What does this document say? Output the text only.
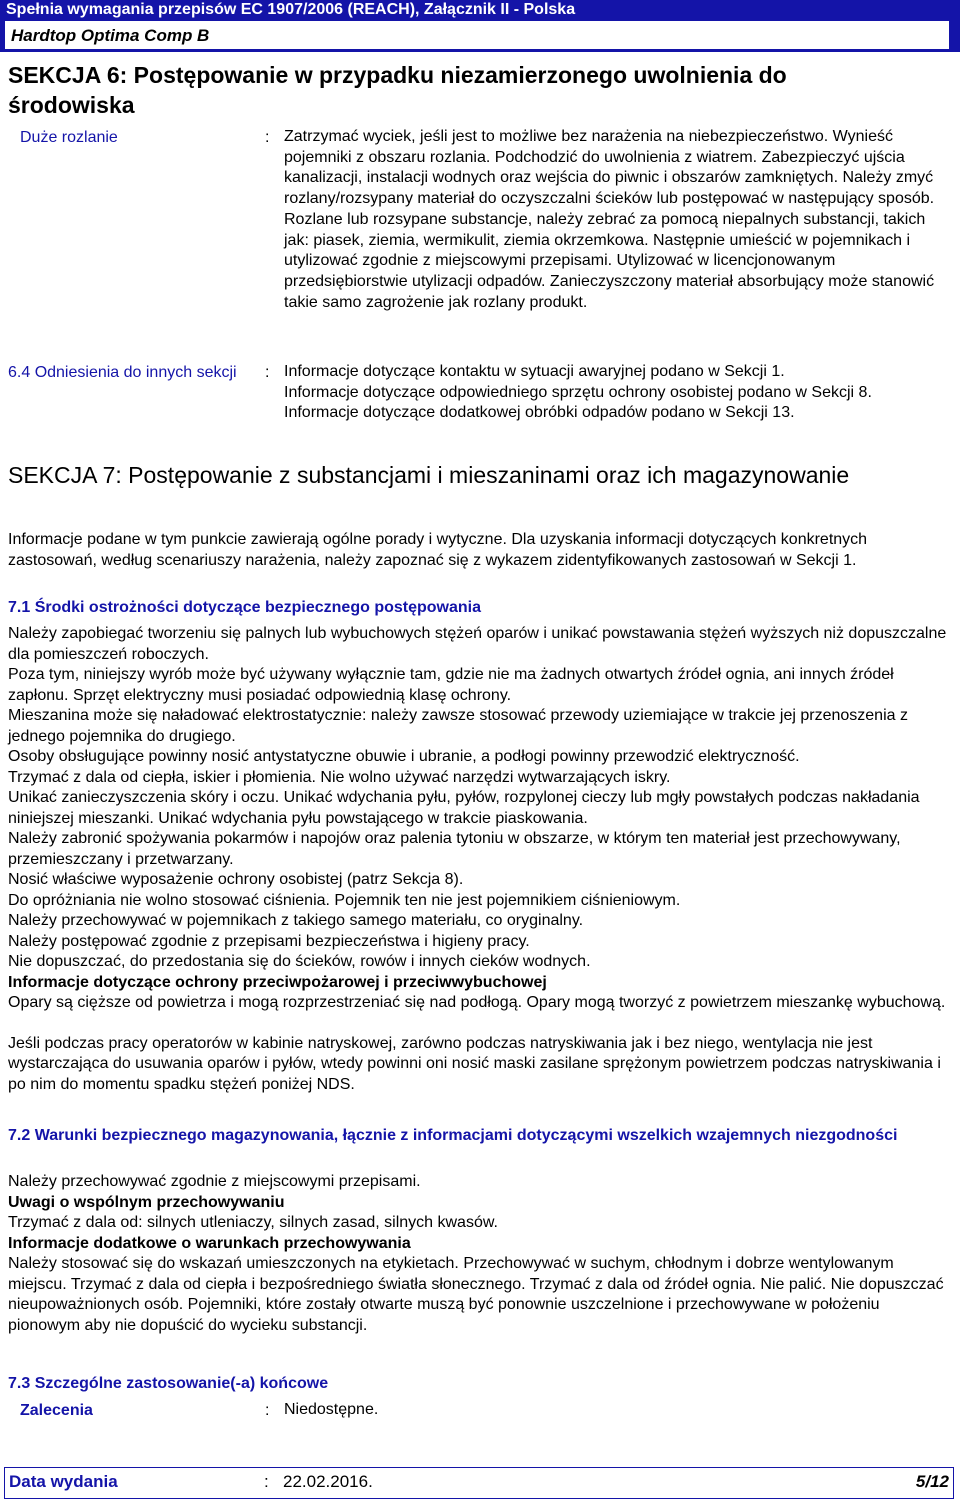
Spełnia wymagania przepisów EC 1907/2006 (REACH), Załącznik II - Polska
Hardtop Optima Comp B
SEKCJA 6: Postępowanie w przypadku niezamierzonego uwolnienia do środowiska
Duże rozlanie	: Zatrzymać wyciek, jeśli jest to możliwe bez narażenia na niebezpieczeństwo. Wynieść pojemniki z obszaru rozlania. Podchodzić do uwolnienia z wiatrem. Zabezpieczyć ujścia kanalizacji, instalacji wodnych oraz wejścia do piwnic i obszarów zamkniętych. Należy zmyć rozlany/rozsypany materiał do oczyszczalni ścieków lub postępować w następujący sposób. Rozlane lub rozsypane substancje, należy zebrać za pomocą niepalnych substancji, takich jak: piasek, ziemia, wermikulit, ziemia okrzemkowa. Następnie umieścić w pojemnikach i utylizować zgodnie z miejscowymi przepisami. Utylizować w licencjonowanym przedsiębiorstwie utylizacji odpadów. Zanieczyszczony materiał absorbujący może stanowić takie samo zagrożenie jak rozlany produkt.
6.4 Odniesienia do innych sekcji	: Informacje dotyczące kontaktu w sytuacji awaryjnej podano w Sekcji 1.
Informacje dotyczące odpowiedniego sprzętu ochrony osobistej podano w Sekcji 8.
Informacje dotyczące dodatkowej obróbki odpadów podano w Sekcji 13.
SEKCJA 7: Postępowanie z substancjami i mieszaninami oraz ich magazynowanie
Informacje podane w tym punkcie zawierają ogólne porady i wytyczne. Dla uzyskania informacji dotyczących konkretnych zastosowań, według scenariuszy narażenia, należy zapoznać się z wykazem zidentyfikowanych zastosowań w Sekcji 1.
7.1 Środki ostrożności dotyczące bezpiecznego postępowania
Należy zapobiegać tworzeniu się palnych lub wybuchowych stężeń oparów i unikać powstawania stężeń wyższych niż dopuszczalne dla pomieszczeń roboczych.
Poza tym, niniejszy wyrób może być używany wyłącznie tam, gdzie nie ma żadnych otwartych źródeł ognia, ani innych źródeł zapłonu. Sprzęt elektryczny musi posiadać odpowiednią klasę ochrony.
Mieszanina może się naładować elektrostatycznie: należy zawsze stosować przewody uziemiające w trakcie jej przenoszenia z jednego pojemnika do drugiego.
Osoby obsługujące powinny nosić antystatyczne obuwie i ubranie, a podłogi powinny przewodzić elektryczność.
Trzymać z dala od ciepła, iskier i płomienia. Nie wolno używać narzędzi wytwarzających iskry.
Unikać zanieczyszczenia skóry i oczu. Unikać wdychania pyłu, pyłów, rozpylonej cieczy lub mgły powstałych podczas nakładania niniejszej mieszanki. Unikać wdychania pyłu powstającego w trakcie piaskowania.
Należy zabronić spożywania pokarmów i napojów oraz palenia tytoniu w obszarze, w którym ten materiał jest przechowywany, przemieszczany i przetwarzany.
Nosić właściwe wyposażenie ochrony osobistej (patrz Sekcja 8).
Do opróżniania nie wolno stosować ciśnienia. Pojemnik ten nie jest pojemnikiem ciśnieniowym.
Należy przechowywać w pojemnikach z takiego samego materiału, co oryginalny.
Należy postępować zgodnie z przepisami bezpieczeństwa i higieny pracy.
Nie dopuszczać, do przedostania się do ścieków, rowów i innych cieków wodnych.
Informacje dotyczące ochrony przeciwpożarowej i przeciwwybuchowej
Opary są cięższe od powietrza i mogą rozprzestrzeniać się nad podłogą. Opary mogą tworzyć z powietrzem mieszankę wybuchową.
Jeśli podczas pracy operatorów w kabinie natryskowej, zarówno podczas natryskiwania jak i bez niego, wentylacja nie jest wystarczająca do usuwania oparów i pyłów, wtedy powinni oni nosić maski zasilane sprężonym powietrzem podczas natryskiwania i po nim do momentu spadku stężeń poniżej NDS.
7.2 Warunki bezpiecznego magazynowania, łącznie z informacjami dotyczącymi wszelkich wzajemnych niezgodności
Należy przechowywać zgodnie z miejscowymi przepisami.
Uwagi o wspólnym przechowywaniu
Trzymać z dala od: silnych utleniaczy, silnych zasad, silnych kwasów.
Informacje dodatkowe o warunkach przechowywania
Należy stosować się do wskazań umieszczonych na etykietach. Przechowywać w suchym, chłodnym i dobrze wentylowanym miejscu. Trzymać z dala od ciepła i bezpośredniego światła słonecznego. Trzymać z dala od źródeł ognia. Nie palić. Nie dopuszczać nieupoważnionych osób. Pojemniki, które zostały otwarte muszą być ponownie uszczelnione i przechowywane w położeniu pionowym aby nie dopuścić do wycieku substancji.
7.3 Szczególne zastosowanie(-a) końcowe
Zalecenia	: Niedostępne.
Data wydania	: 22.02.2016.	5/12
